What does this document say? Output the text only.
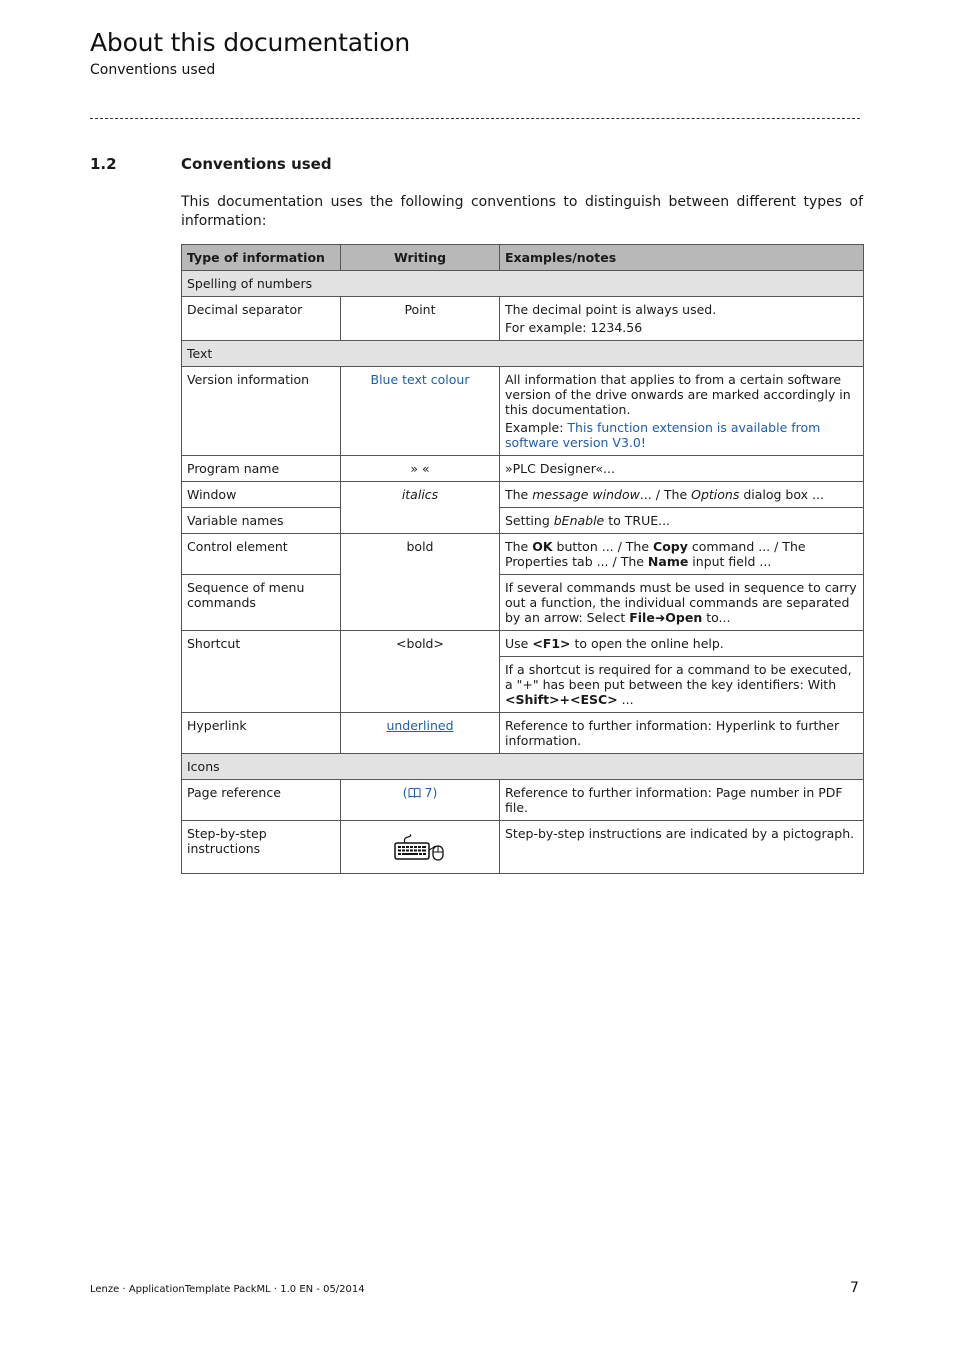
About this documentation
Conventions used
1.2	Conventions used

This documentation uses the following conventions to distinguish between different types of information:

Type of information	Writing	Examples/notes
Spelling of numbers		
Decimal separator	Point	The decimal point is always used.
For example: 1234.56

Text		
Version information	Blue text colour	All information that applies to from a certain software version of the drive onwards are marked accordingly in this documentation.
Example: This function extension is available from software version V3.0!

Program name	» «	»PLC Designer«...
Window	italics	The message window... / The Options dialog box ...
Variable names		Setting bEnable to TRUE...
Control element	bold	The OK button ... / The Copy command ... / The Properties tab ... / The Name input field ...
Sequence of menu commands		If several commands must be used in sequence to carry out a function, the individual commands are separated by an arrow: Select File➜Open to...
Shortcut	<bold>	Use <F1> to open the online help.
		If a shortcut is required for a command to be executed, a "+" has been put between the key identifiers: With <Shift>+<ESC> ...
Hyperlink	underlined	Reference to further information: Hyperlink to further information.
Icons		
Page reference	( 7)	Reference to further information: Page number in PDF file.
Step-by-step instructions		Step-by-step instructions are indicated by a pictograph.
Lenze · ApplicationTemplate PackML · 1.0 EN - 05/2014	7
